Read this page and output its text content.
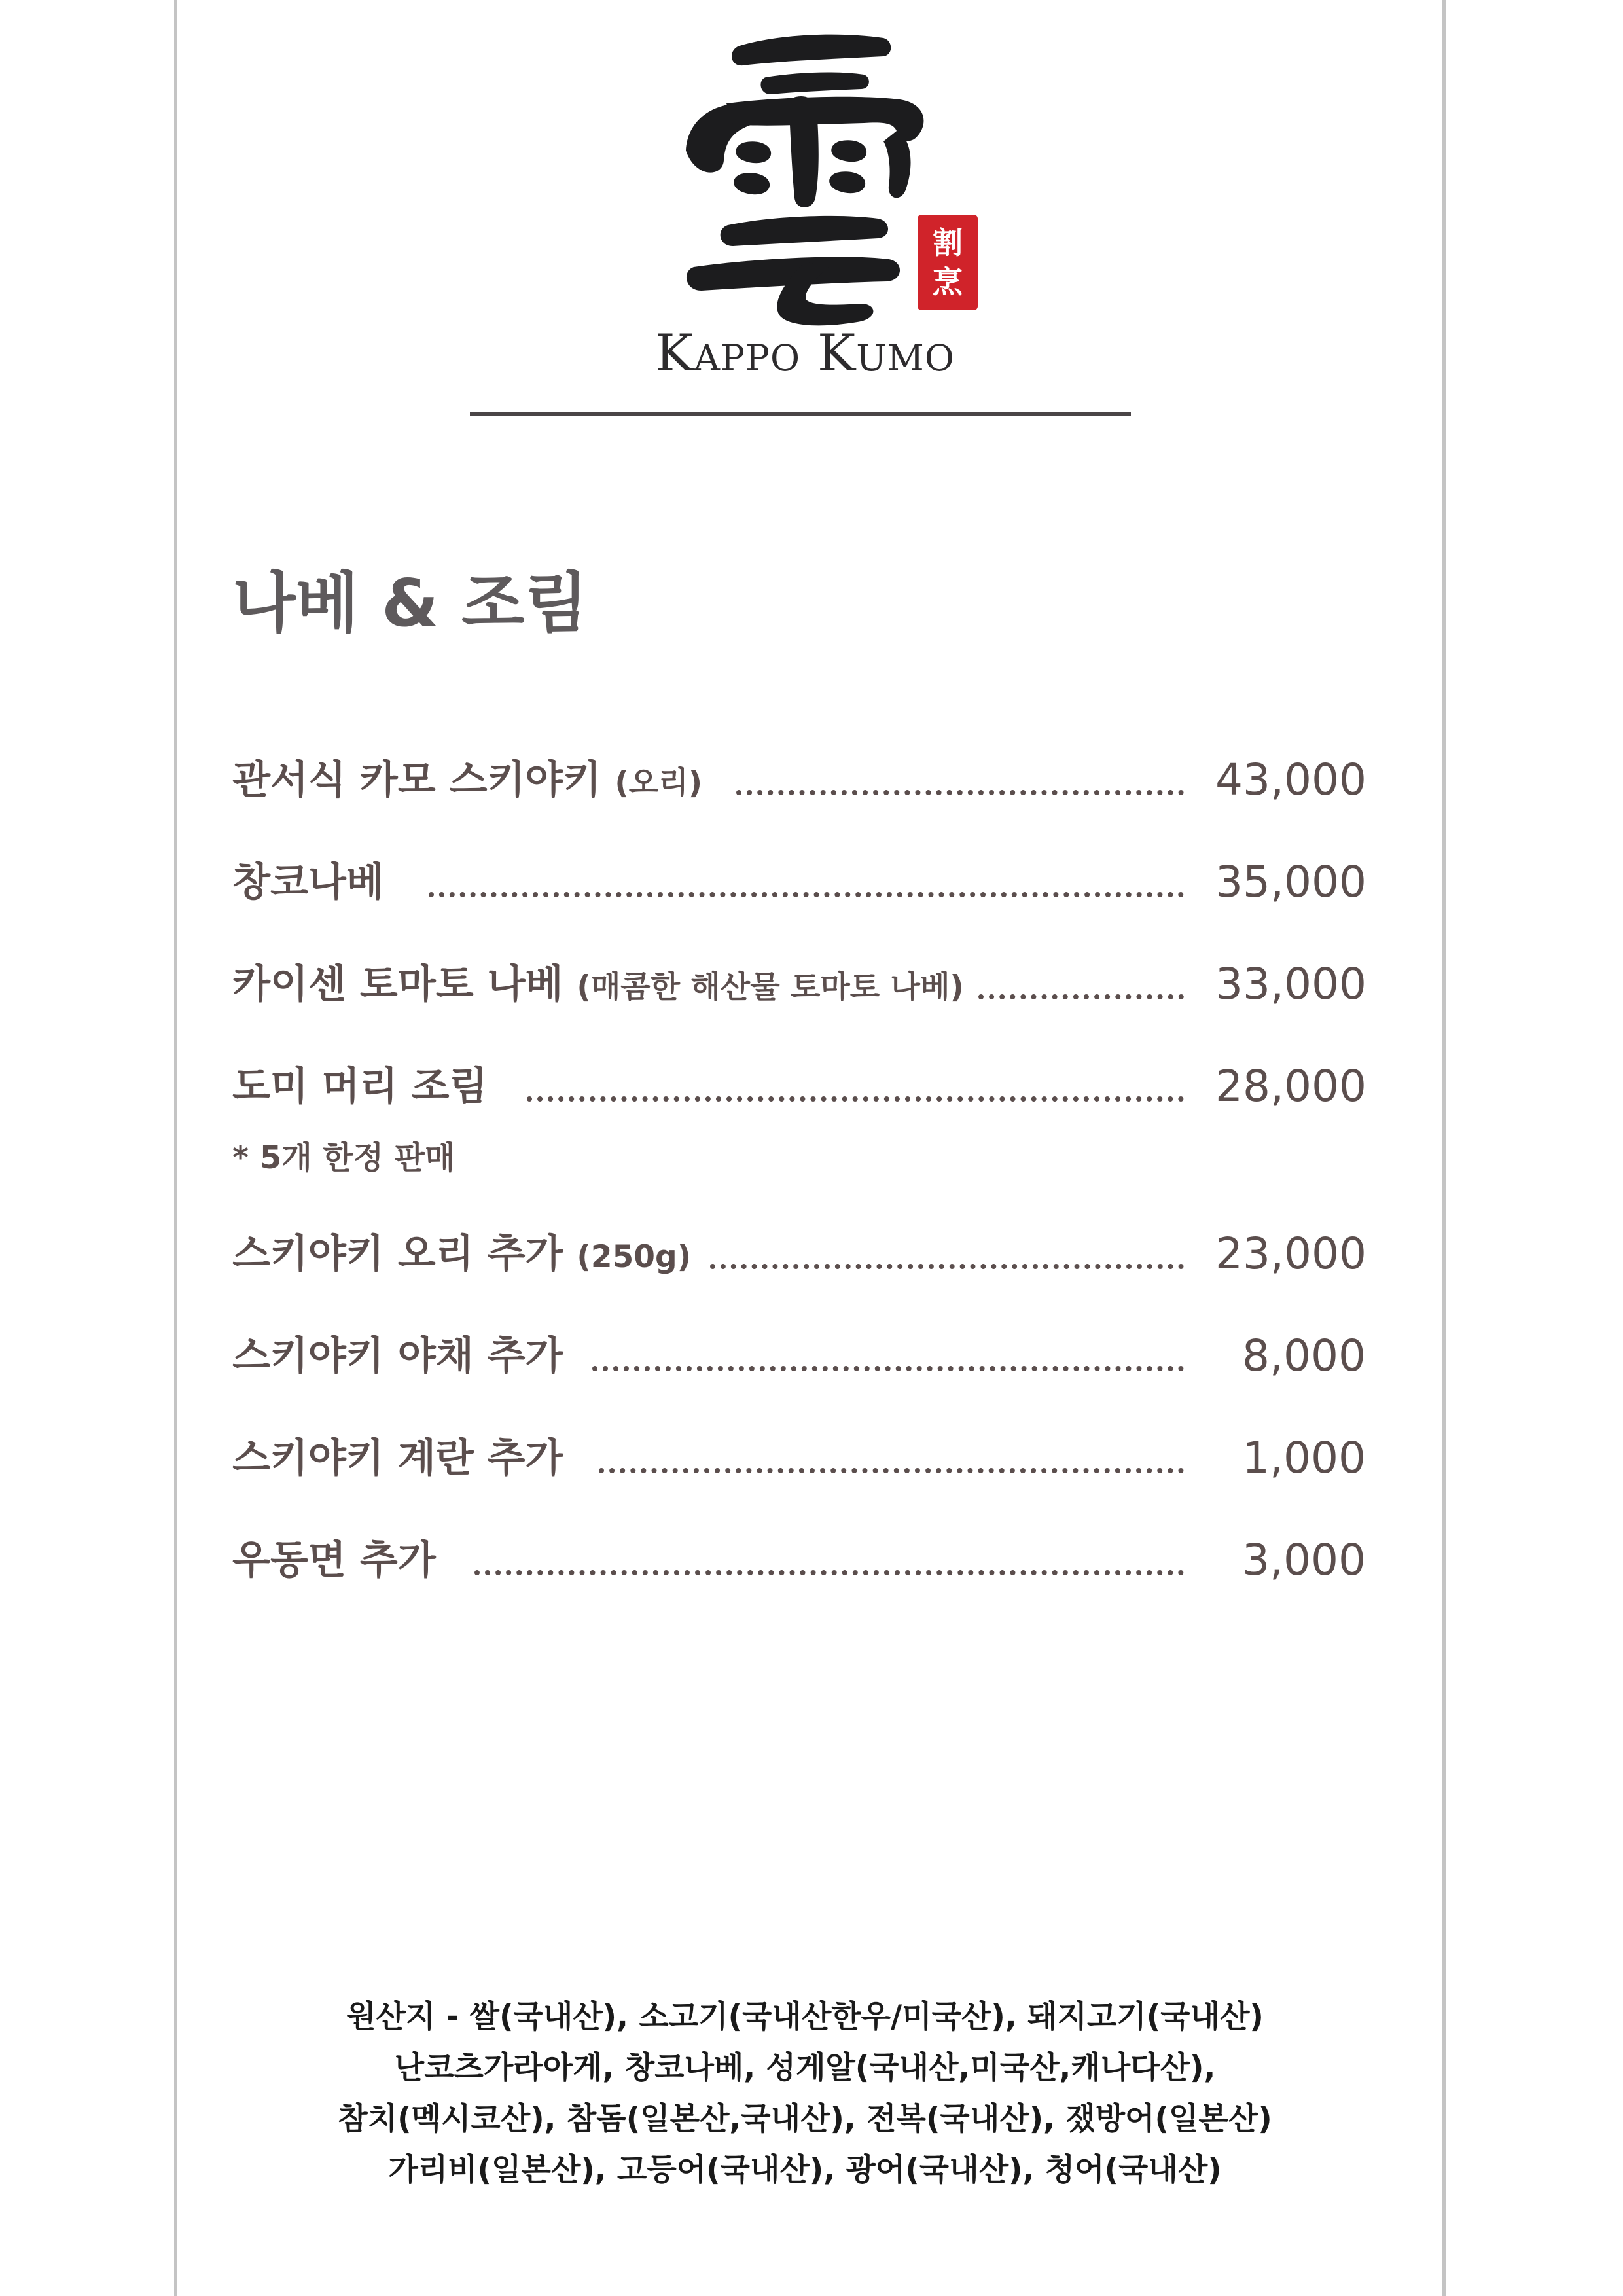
割
烹
Kappo Kumo
나베 & 조림
관서식 카모 스키야키 (오리)	43,000
창코나베	35,000
카이센 토마토 나베 (매콤한 해산물 토마토 나베)	33,000
도미 머리 조림	28,000
* 5개 한정 판매
스키야키 오리 추가 (250g)	23,000
스키야키 야채 추가	8,000
스키야키 계란 추가	1,000
우동면 추가	3,000
원산지 - 쌀(국내산), 소고기(국내산한우/미국산), 돼지고기(국내산)
난코츠가라아게, 창코나베, 성게알(국내산,미국산,캐나다산),
참치(멕시코산), 참돔(일본산,국내산), 전복(국내산), 쟀방어(일본산)
가리비(일본산), 고등어(국내산), 광어(국내산), 청어(국내산)
